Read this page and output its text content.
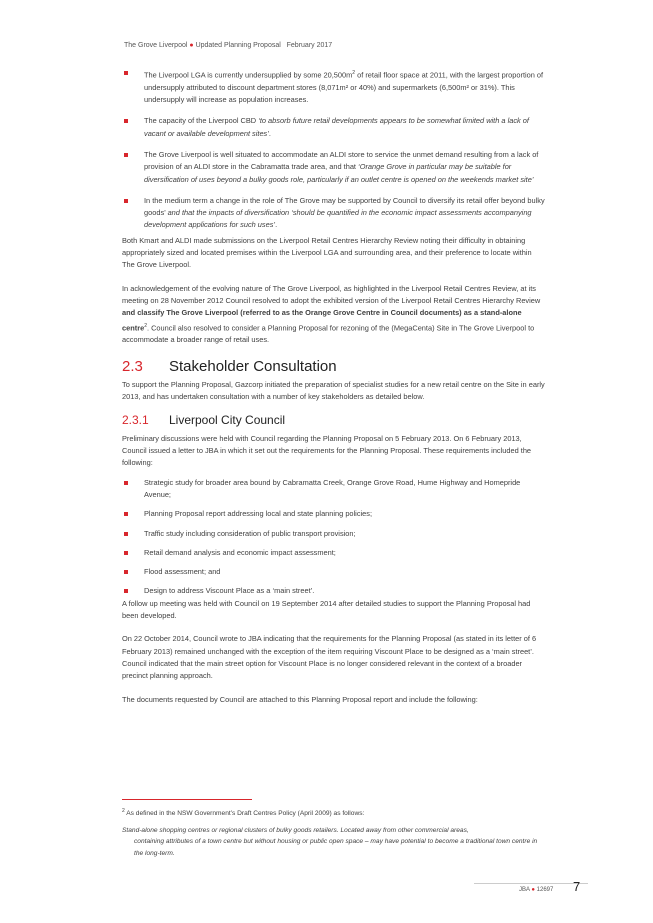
The Grove Liverpool ● Updated Planning Proposal February 2017
The Liverpool LGA is currently undersupplied by some $20,500m^2$ of retail floor space at 2011, with the largest proportion of undersupply attributed to discount department stores (8,071m² or 40%) and supermarkets (6,500m² or 31%). This undersupply will increase as population increases.
The capacity of the Liverpool CBD ‘to absorb future retail developments appears to be somewhat limited with a lack of vacant or available development sites’.
The Grove Liverpool is well situated to accommodate an ALDI store to service the unmet demand resulting from a lack of provision of an ALDI store in the Cabramatta trade area, and that ‘Orange Grove in particular may be suitable for diversification of uses beyond a bulky goods role, particularly if an outlet centre is opened on the weekends market site’
In the medium term a change in the role of The Grove may be supported by Council to diversify its retail offer beyond bulky goods’ and that the impacts of diversification ‘should be quantified in the economic impact assessments accompanying development applications for such uses’.

Both Kmart and ALDI made submissions on the Liverpool Retail Centres Hierarchy Review noting their difficulty in obtaining appropriately sized and located premises within the Liverpool LGA and surrounding area, and their preference to locate within The Grove Liverpool.

In acknowledgement of the evolving nature of The Grove Liverpool, as highlighted in the Liverpool Retail Centres Review, at its meeting on 28 November 2012 Council resolved to adopt the exhibited version of the Liverpool Retail Centres Hierarchy Review and classify The Grove Liverpool (referred to as the Orange Grove Centre in Council documents) as a stand-alone centre$^2$. Council also resolved to consider a Planning Proposal for rezoning of the (MegaCenta) Site in The Grove Liverpool to accommodate a broader range of retail uses.

2.3	Stakeholder Consultation

To support the Planning Proposal, Gazcorp initiated the preparation of specialist studies for a new retail centre on the Site in early 2013, and has undertaken consultation with a number of key stakeholders as detailed below.

2.3.1	Liverpool City Council

Preliminary discussions were held with Council regarding the Planning Proposal on 5 February 2013. On 6 February 2013, Council issued a letter to JBA in which it set out the requirements for the Planning Proposal. These requirements included the following:

Strategic study for broader area bound by Cabramatta Creek, Orange Grove Road, Hume Highway and Homepride Avenue;
Planning Proposal report addressing local and state planning policies;
Traffic study including consideration of public transport provision;
Retail demand analysis and economic impact assessment;
Flood assessment; and
Design to address Viscount Place as a ‘main street’.

A follow up meeting was held with Council on 19 September 2014 after detailed studies to support the Planning Proposal had been developed.

On 22 October 2014, Council wrote to JBA indicating that the requirements for the Planning Proposal (as stated in its letter of 6 February 2013) remained unchanged with the exception of the item requiring Viscount Place to be designed as a ‘main street’. Council indicated that the main street option for Viscount Place is no longer considered relevant in the context of a broader precinct planning approach.

The documents requested by Council are attached to this Planning Proposal report and include the following:

$^2$ As defined in the NSW Government’s Draft Centres Policy (April 2009) as follows:
Stand-alone shopping centres or regional clusters of bulky goods retailers. Located away from other commercial areas,
containing attributes of a town centre but without housing or public open space – may have potential to become a traditional town centre in the long-term.
JBA ● 12697 7
